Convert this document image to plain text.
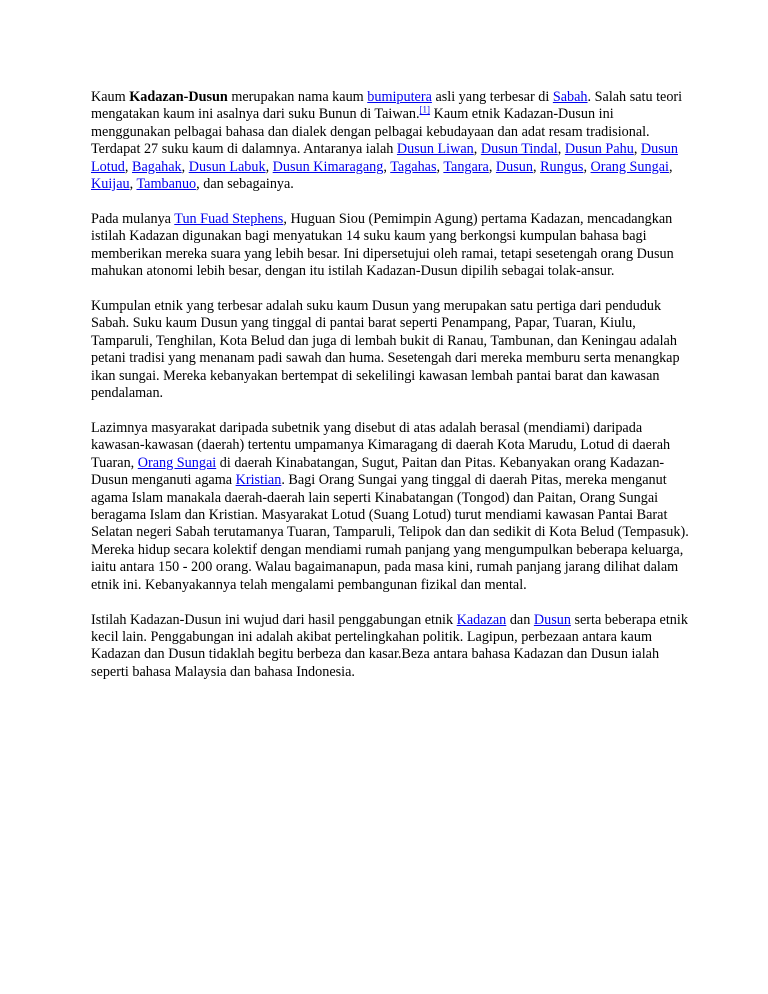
Kaum Kadazan-Dusun merupakan nama kaum bumiputera asli yang terbesar di Sabah. Salah satu teori mengatakan kaum ini asalnya dari suku Bunun di Taiwan.[1] Kaum etnik Kadazan-Dusun ini menggunakan pelbagai bahasa dan dialek dengan pelbagai kebudayaan dan adat resam tradisional. Terdapat 27 suku kaum di dalamnya. Antaranya ialah Dusun Liwan, Dusun Tindal, Dusun Pahu, Dusun Lotud, Bagahak, Dusun Labuk, Dusun Kimaragang, Tagahas, Tangara, Dusun, Rungus, Orang Sungai, Kuijau, Tambanuo, dan sebagainya.

Pada mulanya Tun Fuad Stephens, Huguan Siou (Pemimpin Agung) pertama Kadazan, mencadangkan istilah Kadazan digunakan bagi menyatukan 14 suku kaum yang berkongsi kumpulan bahasa bagi memberikan mereka suara yang lebih besar. Ini dipersetujui oleh ramai, tetapi sesetengah orang Dusun mahukan atonomi lebih besar, dengan itu istilah Kadazan-Dusun dipilih sebagai tolak-ansur.

Kumpulan etnik yang terbesar adalah suku kaum Dusun yang merupakan satu pertiga dari penduduk Sabah. Suku kaum Dusun yang tinggal di pantai barat seperti Penampang, Papar, Tuaran, Kiulu, Tamparuli, Tenghilan, Kota Belud dan juga di lembah bukit di Ranau, Tambunan, dan Keningau adalah petani tradisi yang menanam padi sawah dan huma. Sesetengah dari mereka memburu serta menangkap ikan sungai. Mereka kebanyakan bertempat di sekelilingi kawasan lembah pantai barat dan kawasan pendalaman.

Lazimnya masyarakat daripada subetnik yang disebut di atas adalah berasal (mendiami) daripada kawasan-kawasan (daerah) tertentu umpamanya Kimaragang di daerah Kota Marudu, Lotud di daerah Tuaran, Orang Sungai di daerah Kinabatangan, Sugut, Paitan dan Pitas. Kebanyakan orang Kadazan-Dusun menganuti agama Kristian. Bagi Orang Sungai yang tinggal di daerah Pitas, mereka menganut agama Islam manakala daerah-daerah lain seperti Kinabatangan (Tongod) dan Paitan, Orang Sungai beragama Islam dan Kristian. Masyarakat Lotud (Suang Lotud) turut mendiami kawasan Pantai Barat Selatan negeri Sabah terutamanya Tuaran, Tamparuli, Telipok dan dan sedikit di Kota Belud (Tempasuk). Mereka hidup secara kolektif dengan mendiami rumah panjang yang mengumpulkan beberapa keluarga, iaitu antara 150 - 200 orang. Walau bagaimanapun, pada masa kini, rumah panjang jarang dilihat dalam etnik ini. Kebanyakannya telah mengalami pembangunan fizikal dan mental.

Istilah Kadazan-Dusun ini wujud dari hasil penggabungan etnik Kadazan dan Dusun serta beberapa etnik kecil lain. Penggabungan ini adalah akibat pertelingkahan politik. Lagipun, perbezaan antara kaum Kadazan dan Dusun tidaklah begitu berbeza dan kasar.Beza antara bahasa Kadazan dan Dusun ialah seperti bahasa Malaysia dan bahasa Indonesia.
